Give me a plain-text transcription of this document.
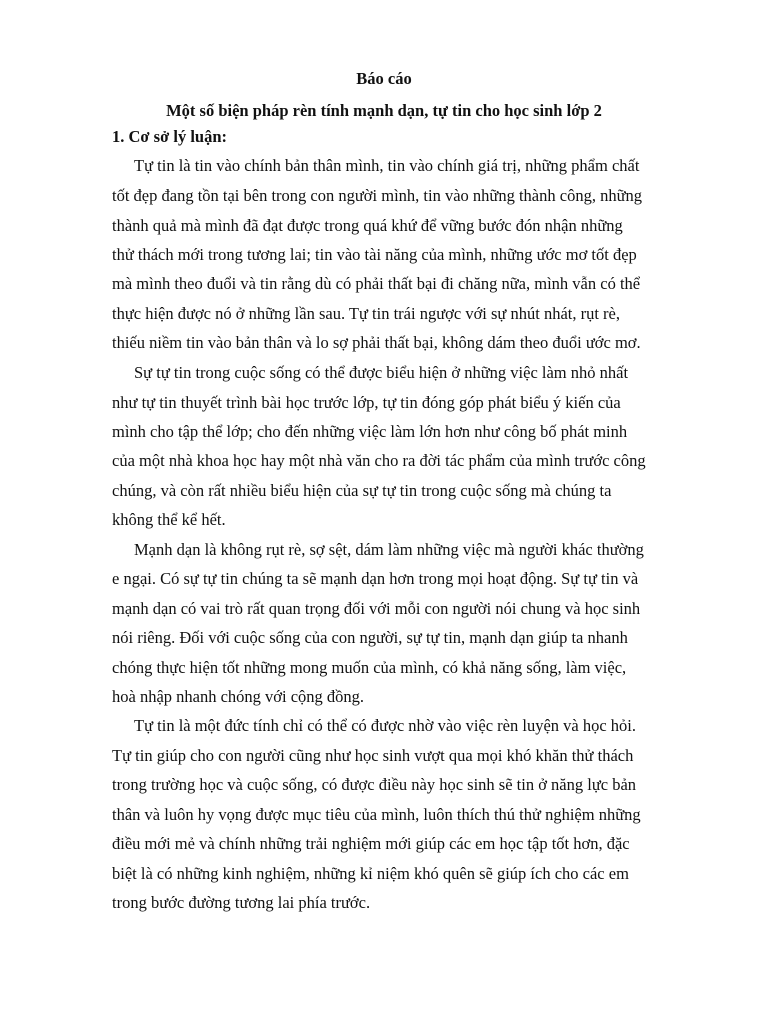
Báo cáo
Một số biện pháp rèn tính mạnh dạn, tự tin cho học sinh lớp 2
1. Cơ sở lý luận:
Tự tin là tin vào chính bản thân mình, tin vào chính giá trị, những phẩm chất
tốt đẹp đang tồn tại bên trong con người mình, tin vào những thành công, những
thành quả mà mình đã đạt được trong quá khứ để vững bước đón nhận những
thử thách mới trong tương lai; tin vào tài năng của mình, những ước mơ tốt đẹp
mà mình theo đuổi và tin rằng dù có phải thất bại đi chăng nữa, mình vẫn có thể
thực hiện được nó ở những lần sau. Tự tin trái ngược với sự nhút nhát, rụt rè,
thiếu niềm tin vào bản thân và lo sợ phải thất bại, không dám theo đuổi ước mơ.
Sự tự tin trong cuộc sống có thể được biểu hiện ở những việc làm nhỏ nhất
như tự tin thuyết trình bài học trước lớp, tự tin đóng góp phát biểu ý kiến của
mình cho tập thể lớp; cho đến những việc làm lớn hơn như công bố phát minh
của một nhà khoa học hay một nhà văn cho ra đời tác phẩm của mình trước công
chúng, và còn rất nhiều biểu hiện của sự tự tin trong cuộc sống mà chúng ta
không thể kể hết.
Mạnh dạn là không rụt rè, sợ sệt, dám làm những việc mà người khác thường
e ngại. Có sự tự tin chúng ta sẽ mạnh dạn hơn trong mọi hoạt động. Sự tự tin và
mạnh dạn có vai trò rất quan trọng đối với mỗi con người nói chung và học sinh
nói riêng. Đối với cuộc sống của con người, sự tự tin, mạnh dạn giúp ta nhanh
chóng thực hiện tốt những mong muốn của mình, có khả năng sống, làm việc,
hoà nhập nhanh chóng với cộng đồng.
Tự tin là một đức tính chỉ có thể có được nhờ vào việc rèn luyện và học hỏi.
Tự tin giúp cho con người cũng như học sinh vượt qua mọi khó khăn thử thách
trong trường học và cuộc sống, có được điều này học sinh sẽ tin ở năng lực bản
thân và luôn hy vọng được mục tiêu của mình, luôn thích thú thử nghiệm những
điều mới mẻ và chính những trải nghiệm mới giúp các em học tập tốt hơn, đặc
biệt là có những kinh nghiệm, những kỉ niệm khó quên sẽ giúp ích cho các em
trong bước đường tương lai phía trước.
